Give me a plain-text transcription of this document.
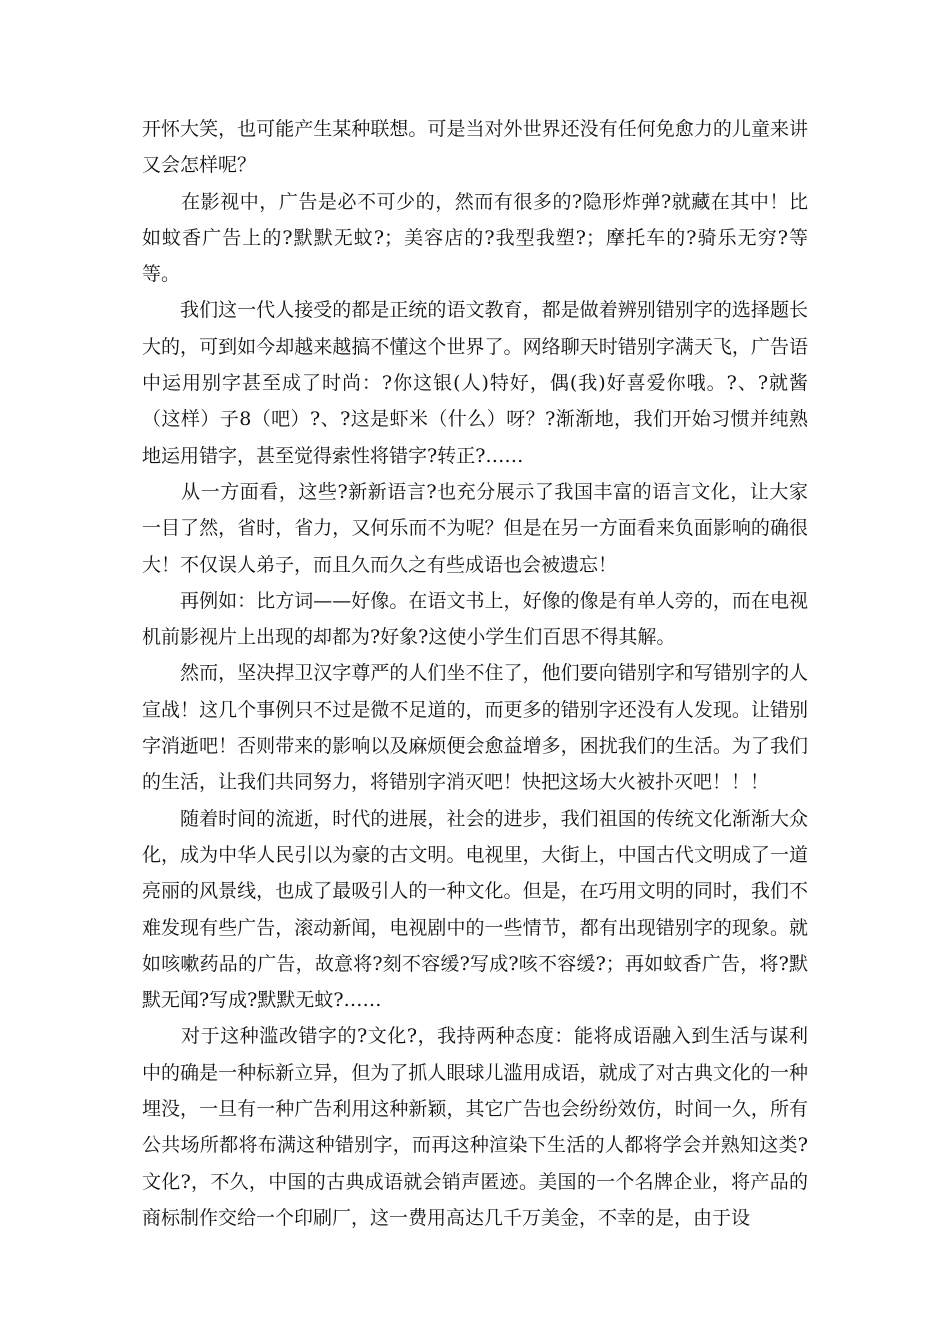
开怀大笑，也可能产生某种联想。可是当对外世界还没有任何免愈力的儿童来讲又会怎样呢？

　　在影视中，广告是必不可少的，然而有很多的?隐形炸弹?就藏在其中！比如蚊香广告上的?默默无蚊?；美容店的?我型我塑?；摩托车的?骑乐无穷?等等。

　　我们这一代人接受的都是正统的语文教育，都是做着辨别错别字的选择题长大的，可到如今却越来越搞不懂这个世界了。网络聊天时错别字满天飞，广告语中运用别字甚至成了时尚：?你这银(人)特好，偶(我)好喜爱你哦。?、?就酱（这样）子8（吧）?、?这是虾米（什么）呀？?渐渐地，我们开始习惯并纯熟地运用错字，甚至觉得索性将错字?转正?……

　　从一方面看，这些?新新语言?也充分展示了我国丰富的语言文化，让大家一目了然，省时，省力，又何乐而不为呢？但是在另一方面看来负面影响的确很大！不仅误人弟子，而且久而久之有些成语也会被遗忘！

　　再例如：比方词——好像。在语文书上，好像的像是有单人旁的，而在电视机前影视片上出现的却都为?好象?这使小学生们百思不得其解。

　　然而，坚决捍卫汉字尊严的人们坐不住了，他们要向错别字和写错别字的人宣战！这几个事例只不过是微不足道的，而更多的错别字还没有人发现。让错别字消逝吧！否则带来的影响以及麻烦便会愈益增多，困扰我们的生活。为了我们的生活，让我们共同努力，将错别字消灭吧！快把这场大火被扑灭吧！！！

　　随着时间的流逝，时代的进展，社会的进步，我们祖国的传统文化渐渐大众化，成为中华人民引以为豪的古文明。电视里，大街上，中国古代文明成了一道亮丽的风景线，也成了最吸引人的一种文化。但是，在巧用文明的同时，我们不难发现有些广告，滚动新闻，电视剧中的一些情节，都有出现错别字的现象。就如咳嗽药品的广告，故意将?刻不容缓?写成?咳不容缓?；再如蚊香广告，将?默默无闻?写成?默默无蚊?……

　　对于这种滥改错字的?文化?，我持两种态度：能将成语融入到生活与谋利中的确是一种标新立异，但为了抓人眼球儿滥用成语，就成了对古典文化的一种埋没，一旦有一种广告利用这种新颖，其它广告也会纷纷效仿，时间一久，所有公共场所都将布满这种错别字，而再这种渲染下生活的人都将学会并熟知这类?文化?，不久，中国的古典成语就会销声匿迹。美国的一个名牌企业，将产品的商标制作交给一个印刷厂，这一费用高达几千万美金，不幸的是，由于设
